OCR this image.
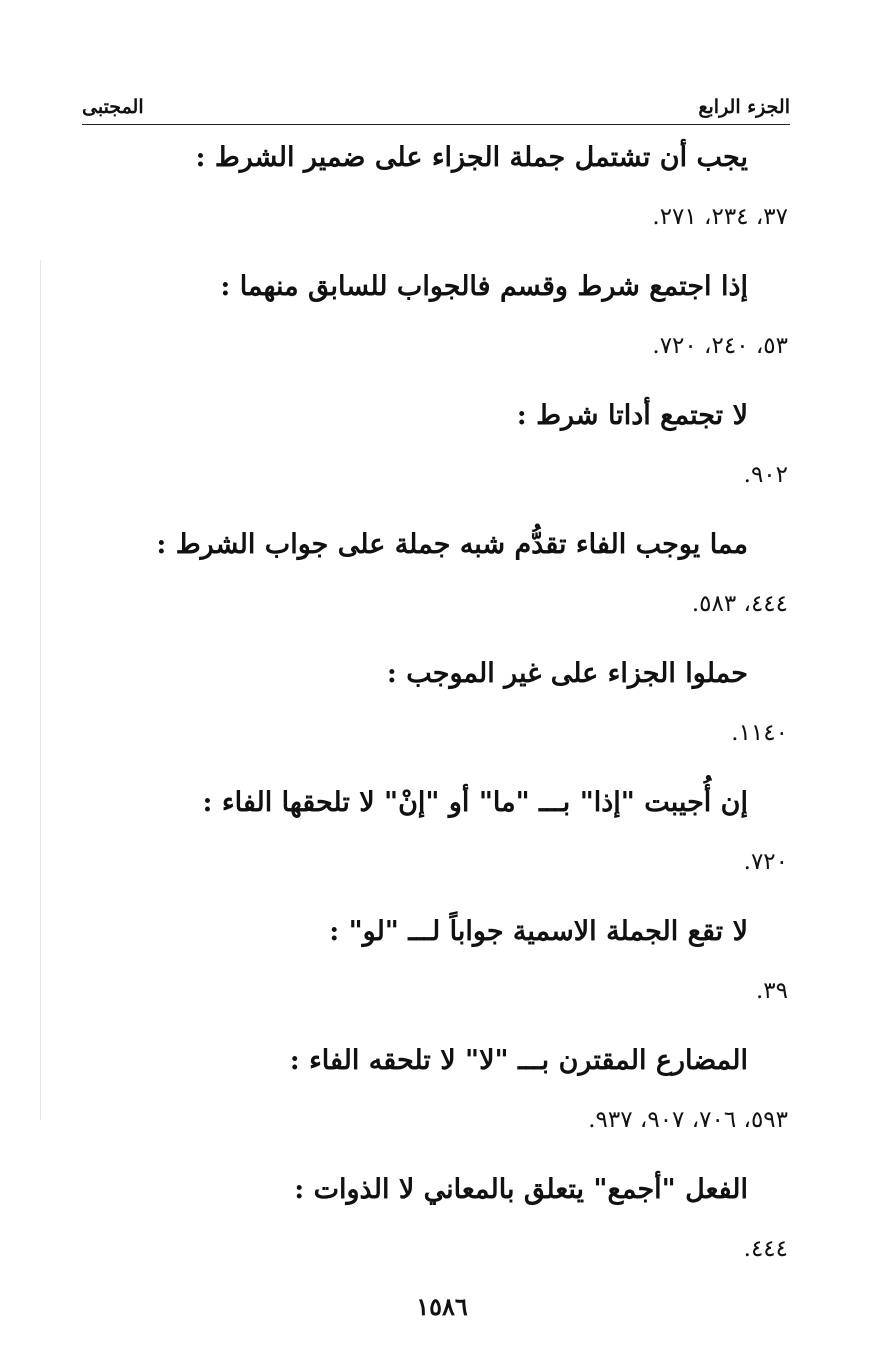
الجزء الرابع
المجتبى
يجب أن تشتمل جملة الجزاء على ضمير الشرط :
٣٧، ٢٣٤، ٢٧١.
إذا اجتمع شرط وقسم فالجواب للسابق منهما :
٥٣، ٢٤٠، ٧٢٠.
لا تجتمع أداتا شرط :
٩٠٢.
مما يوجب الفاء تقدُّم شبه جملة على جواب الشرط :
٤٤٤، ٥٨٣.
حملوا الجزاء على غير الموجب :
١١٤٠.
إن أُجيبت "إذا" بـــ "ما" أو "إنْ" لا تلحقها الفاء :
٧٢٠.
لا تقع الجملة الاسمية جواباً لـــ "لو" :
٣٩.
المضارع المقترن بـــ "لا" لا تلحقه الفاء :
٥٩٣، ٧٠٦، ٩٠٧، ٩٣٧.
الفعل "أجمع" يتعلق بالمعاني لا الذوات :
٤٤٤.
١٥٨٦
